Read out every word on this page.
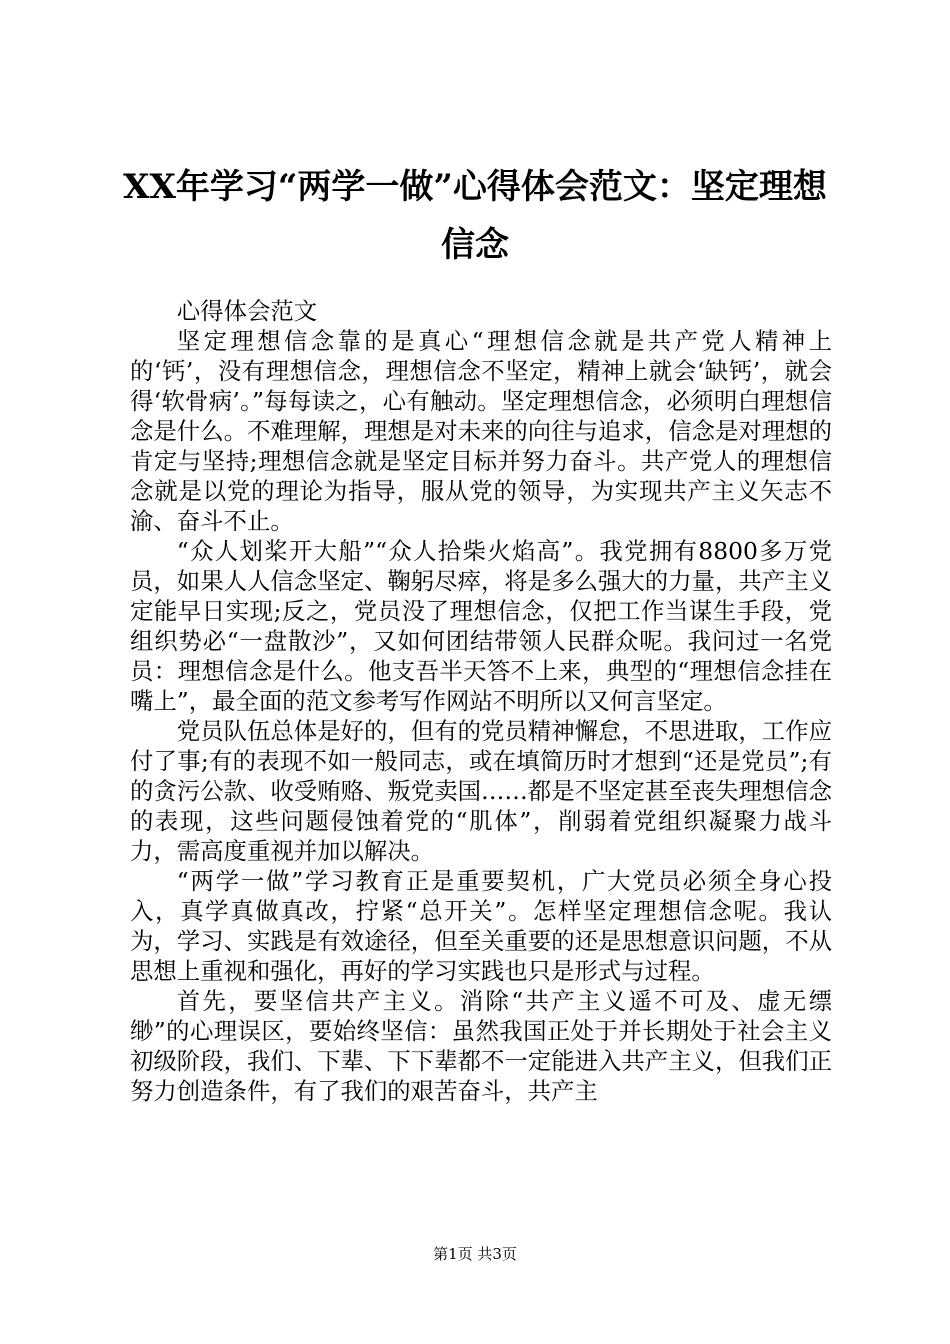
XX年学习“两学一做”心得体会范文：坚定理想信念

心得体会范文

坚定理想信念靠的是真心“理想信念就是共产党人精神上的‘钙’，没有理想信念，理想信念不坚定，精神上就会‘缺钙’，就会得‘软骨病’。”每每读之，心有触动。坚定理想信念，必须明白理想信念是什么。不难理解，理想是对未来的向往与追求，信念是对理想的肯定与坚持;理想信念就是坚定目标并努力奋斗。共产党人的理想信念就是以党的理论为指导，服从党的领导，为实现共产主义矢志不渝、奋斗不止。

“众人划桨开大船”“众人拾柴火焰高”。我党拥有8800多万党员，如果人人信念坚定、鞠躬尽瘁，将是多么强大的力量，共产主义定能早日实现;反之，党员没了理想信念，仅把工作当谋生手段，党组织势必“一盘散沙”，又如何团结带领人民群众呢。我问过一名党员：理想信念是什么。他支吾半天答不上来，典型的“理想信念挂在嘴上”，最全面的范文参考写作网站不明所以又何言坚定。

党员队伍总体是好的，但有的党员精神懈怠，不思进取，工作应付了事;有的表现不如一般同志，或在填简历时才想到“还是党员”;有的贪污公款、收受贿赂、叛党卖国……都是不坚定甚至丧失理想信念的表现，这些问题侵蚀着党的“肌体”，削弱着党组织凝聚力战斗力，需高度重视并加以解决。

“两学一做”学习教育正是重要契机，广大党员必须全身心投入，真学真做真改，拧紧“总开关”。怎样坚定理想信念呢。我认为，学习、实践是有效途径，但至关重要的还是思想意识问题，不从思想上重视和强化，再好的学习实践也只是形式与过程。

首先，要坚信共产主义。消除“共产主义遥不可及、虚无缥缈”的心理误区，要始终坚信：虽然我国正处于并长期处于社会主义初级阶段，我们、下辈、下下辈都不一定能进入共产主义，但我们正努力创造条件，有了我们的艰苦奋斗，共产主

第1页 共3页
